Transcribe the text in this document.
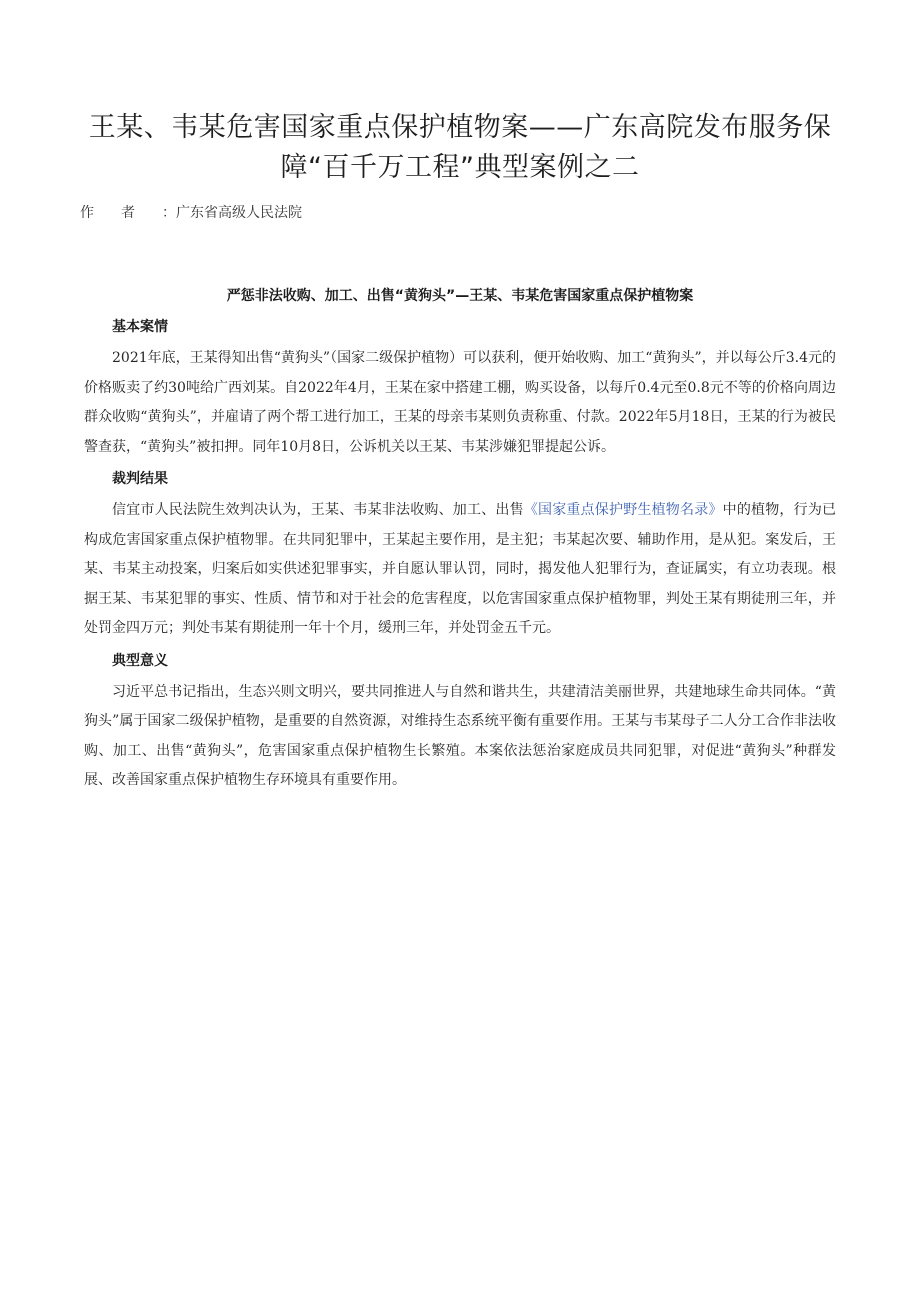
王某、韦某危害国家重点保护植物案——广东高院发布服务保障“百千万工程”典型案例之二
作者：广东省高级人民法院
严惩非法收购、加工、出售“黄狗头”—王某、韦某危害国家重点保护植物案
基本案情

2021年底，王某得知出售“黄狗头”（国家二级保护植物）可以获利，便开始收购、加工“黄狗头”，并以每公斤3.4元的价格贩卖了约30吨给广西刘某。自2022年4月，王某在家中搭建工棚，购买设备，以每斤0.4元至0.8元不等的价格向周边群众收购“黄狗头”，并雇请了两个帮工进行加工，王某的母亲韦某则负责称重、付款。2022年5月18日，王某的行为被民警查获，“黄狗头”被扣押。同年10月8日，公诉机关以王某、韦某涉嫌犯罪提起公诉。

裁判结果

信宜市人民法院生效判决认为，王某、韦某非法收购、加工、出售《国家重点保护野生植物名录》中的植物，行为已构成危害国家重点保护植物罪。在共同犯罪中，王某起主要作用，是主犯；韦某起次要、辅助作用，是从犯。案发后，王某、韦某主动投案，归案后如实供述犯罪事实，并自愿认罪认罚，同时，揭发他人犯罪行为，查证属实，有立功表现。根据王某、韦某犯罪的事实、性质、情节和对于社会的危害程度，以危害国家重点保护植物罪，判处王某有期徒刑三年，并处罚金四万元；判处韦某有期徒刑一年十个月，缓刑三年，并处罚金五千元。

典型意义

习近平总书记指出，生态兴则文明兴，要共同推进人与自然和谐共生，共建清洁美丽世界，共建地球生命共同体。“黄狗头”属于国家二级保护植物，是重要的自然资源，对维持生态系统平衡有重要作用。王某与韦某母子二人分工合作非法收购、加工、出售“黄狗头”，危害国家重点保护植物生长繁殖。本案依法惩治家庭成员共同犯罪，对促进“黄狗头”种群发展、改善国家重点保护植物生存环境具有重要作用。
